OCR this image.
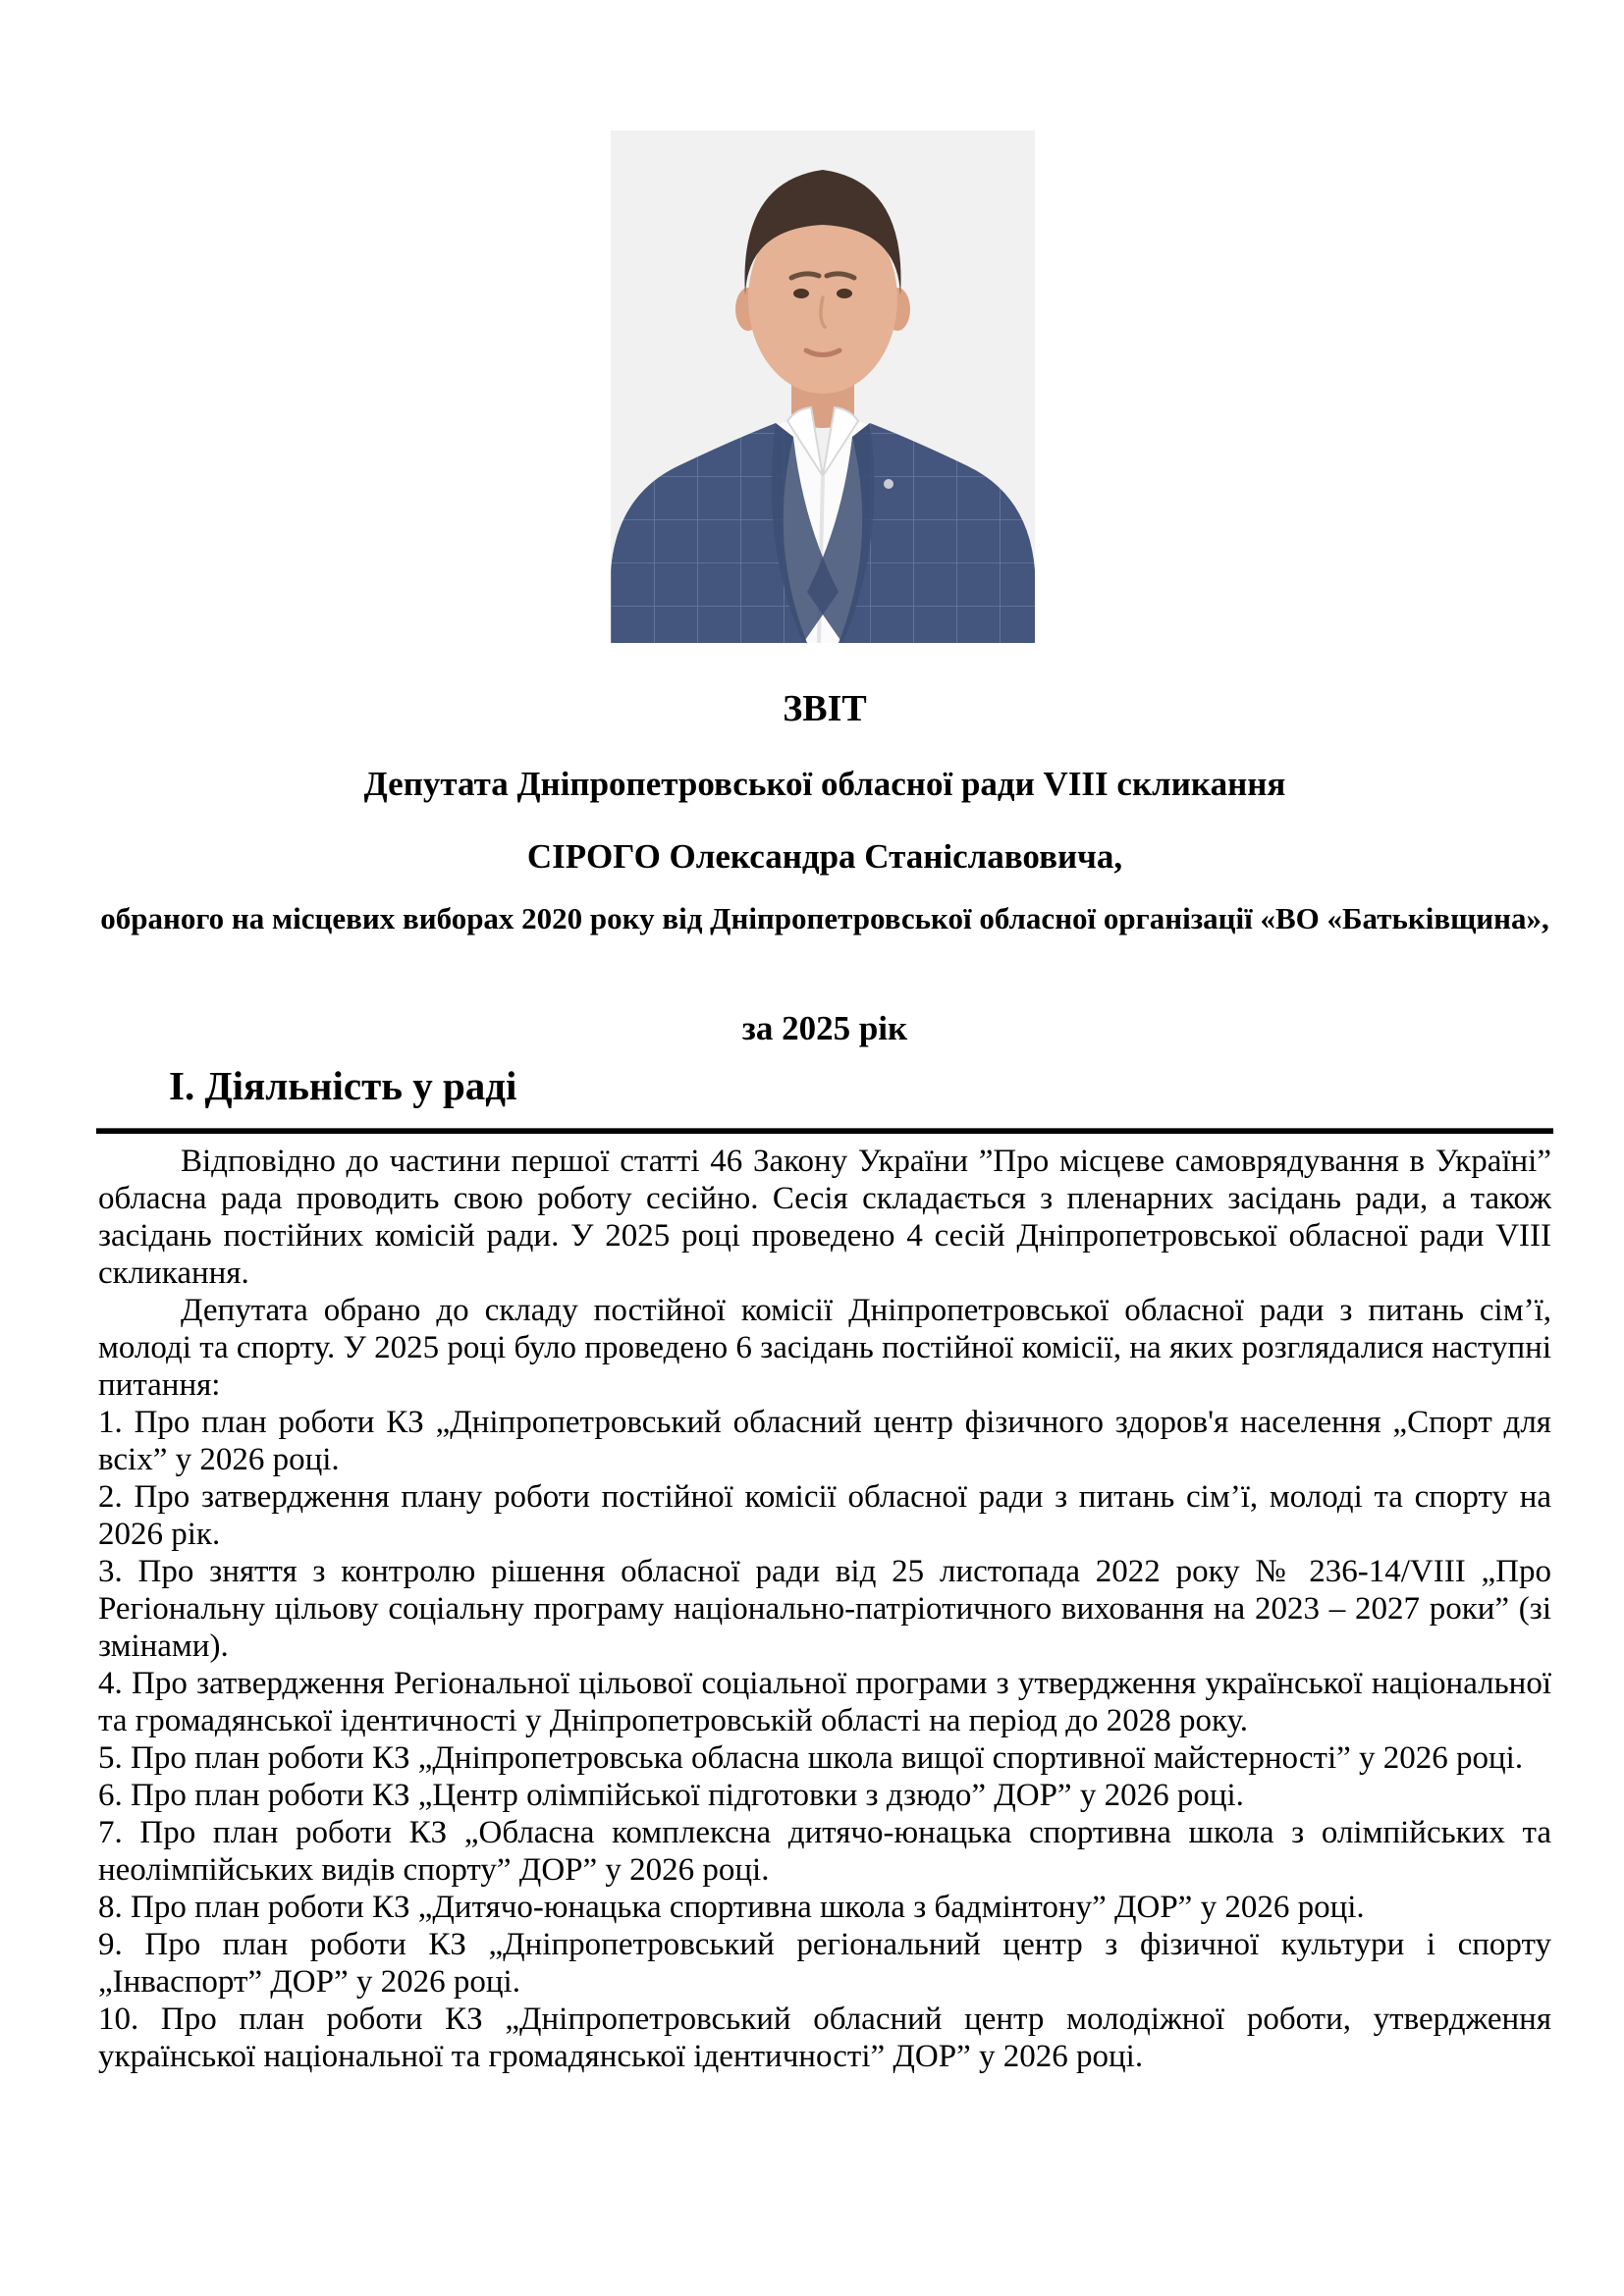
ЗВІТ
Депутата Дніпропетровської обласної ради VIII скликання
СІРОГО Олександра Станіславовича,
обраного на місцевих виборах 2020 року від Дніпропетровської обласної організації «ВО «Батьківщина»,
за 2025 рік
І. Діяльність у раді

Відповідно до частини першої статті 46 Закону України ”Про місцеве самоврядування в Україні” обласна рада проводить свою роботу сесійно. Сесія складається з пленарних засідань ради, а також засідань постійних комісій ради. У 2025 році проведено 4 сесій Дніпропетровської обласної ради VIII скликання.

Депутата обрано до складу постійної комісії Дніпропетровської обласної ради з питань сім’ї, молоді та спорту. У 2025 році було проведено 6 засідань постійної комісії, на яких розглядалися наступні питання:

1. Про план роботи КЗ „Дніпропетровський обласний центр фізичного здоров'я населення „Спорт для всіх” у 2026 році.

2. Про затвердження плану роботи постійної комісії обласної ради з питань сім’ї, молоді та спорту на 2026 рік.

3. Про зняття з контролю рішення обласної ради від 25 листопада 2022 року № 236-14/VIII „Про Регіональну цільову соціальну програму національно-патріотичного виховання на 2023 – 2027 роки” (зі змінами).

4. Про затвердження Регіональної цільової соціальної програми з утвердження української національної та громадянської ідентичності у Дніпропетровській області на період до 2028 року.

5. Про план роботи КЗ „Дніпропетровська обласна школа вищої спортивної майстерності” у 2026 році.

6. Про план роботи КЗ „Центр олімпійської підготовки з дзюдо” ДОР” у 2026 році.

7. Про план роботи КЗ „Обласна комплексна дитячо-юнацька спортивна школа з олімпійських та неолімпійських видів спорту” ДОР” у 2026 році.

8. Про план роботи КЗ „Дитячо-юнацька спортивна школа з бадмінтону” ДОР” у 2026 році.

9. Про план роботи КЗ „Дніпропетровський регіональний центр з фізичної культури і спорту „Інваспорт” ДОР” у 2026 році.

10. Про план роботи КЗ „Дніпропетровський обласний центр молодіжної роботи, утвердження української національної та громадянської ідентичності” ДОР” у 2026 році.
